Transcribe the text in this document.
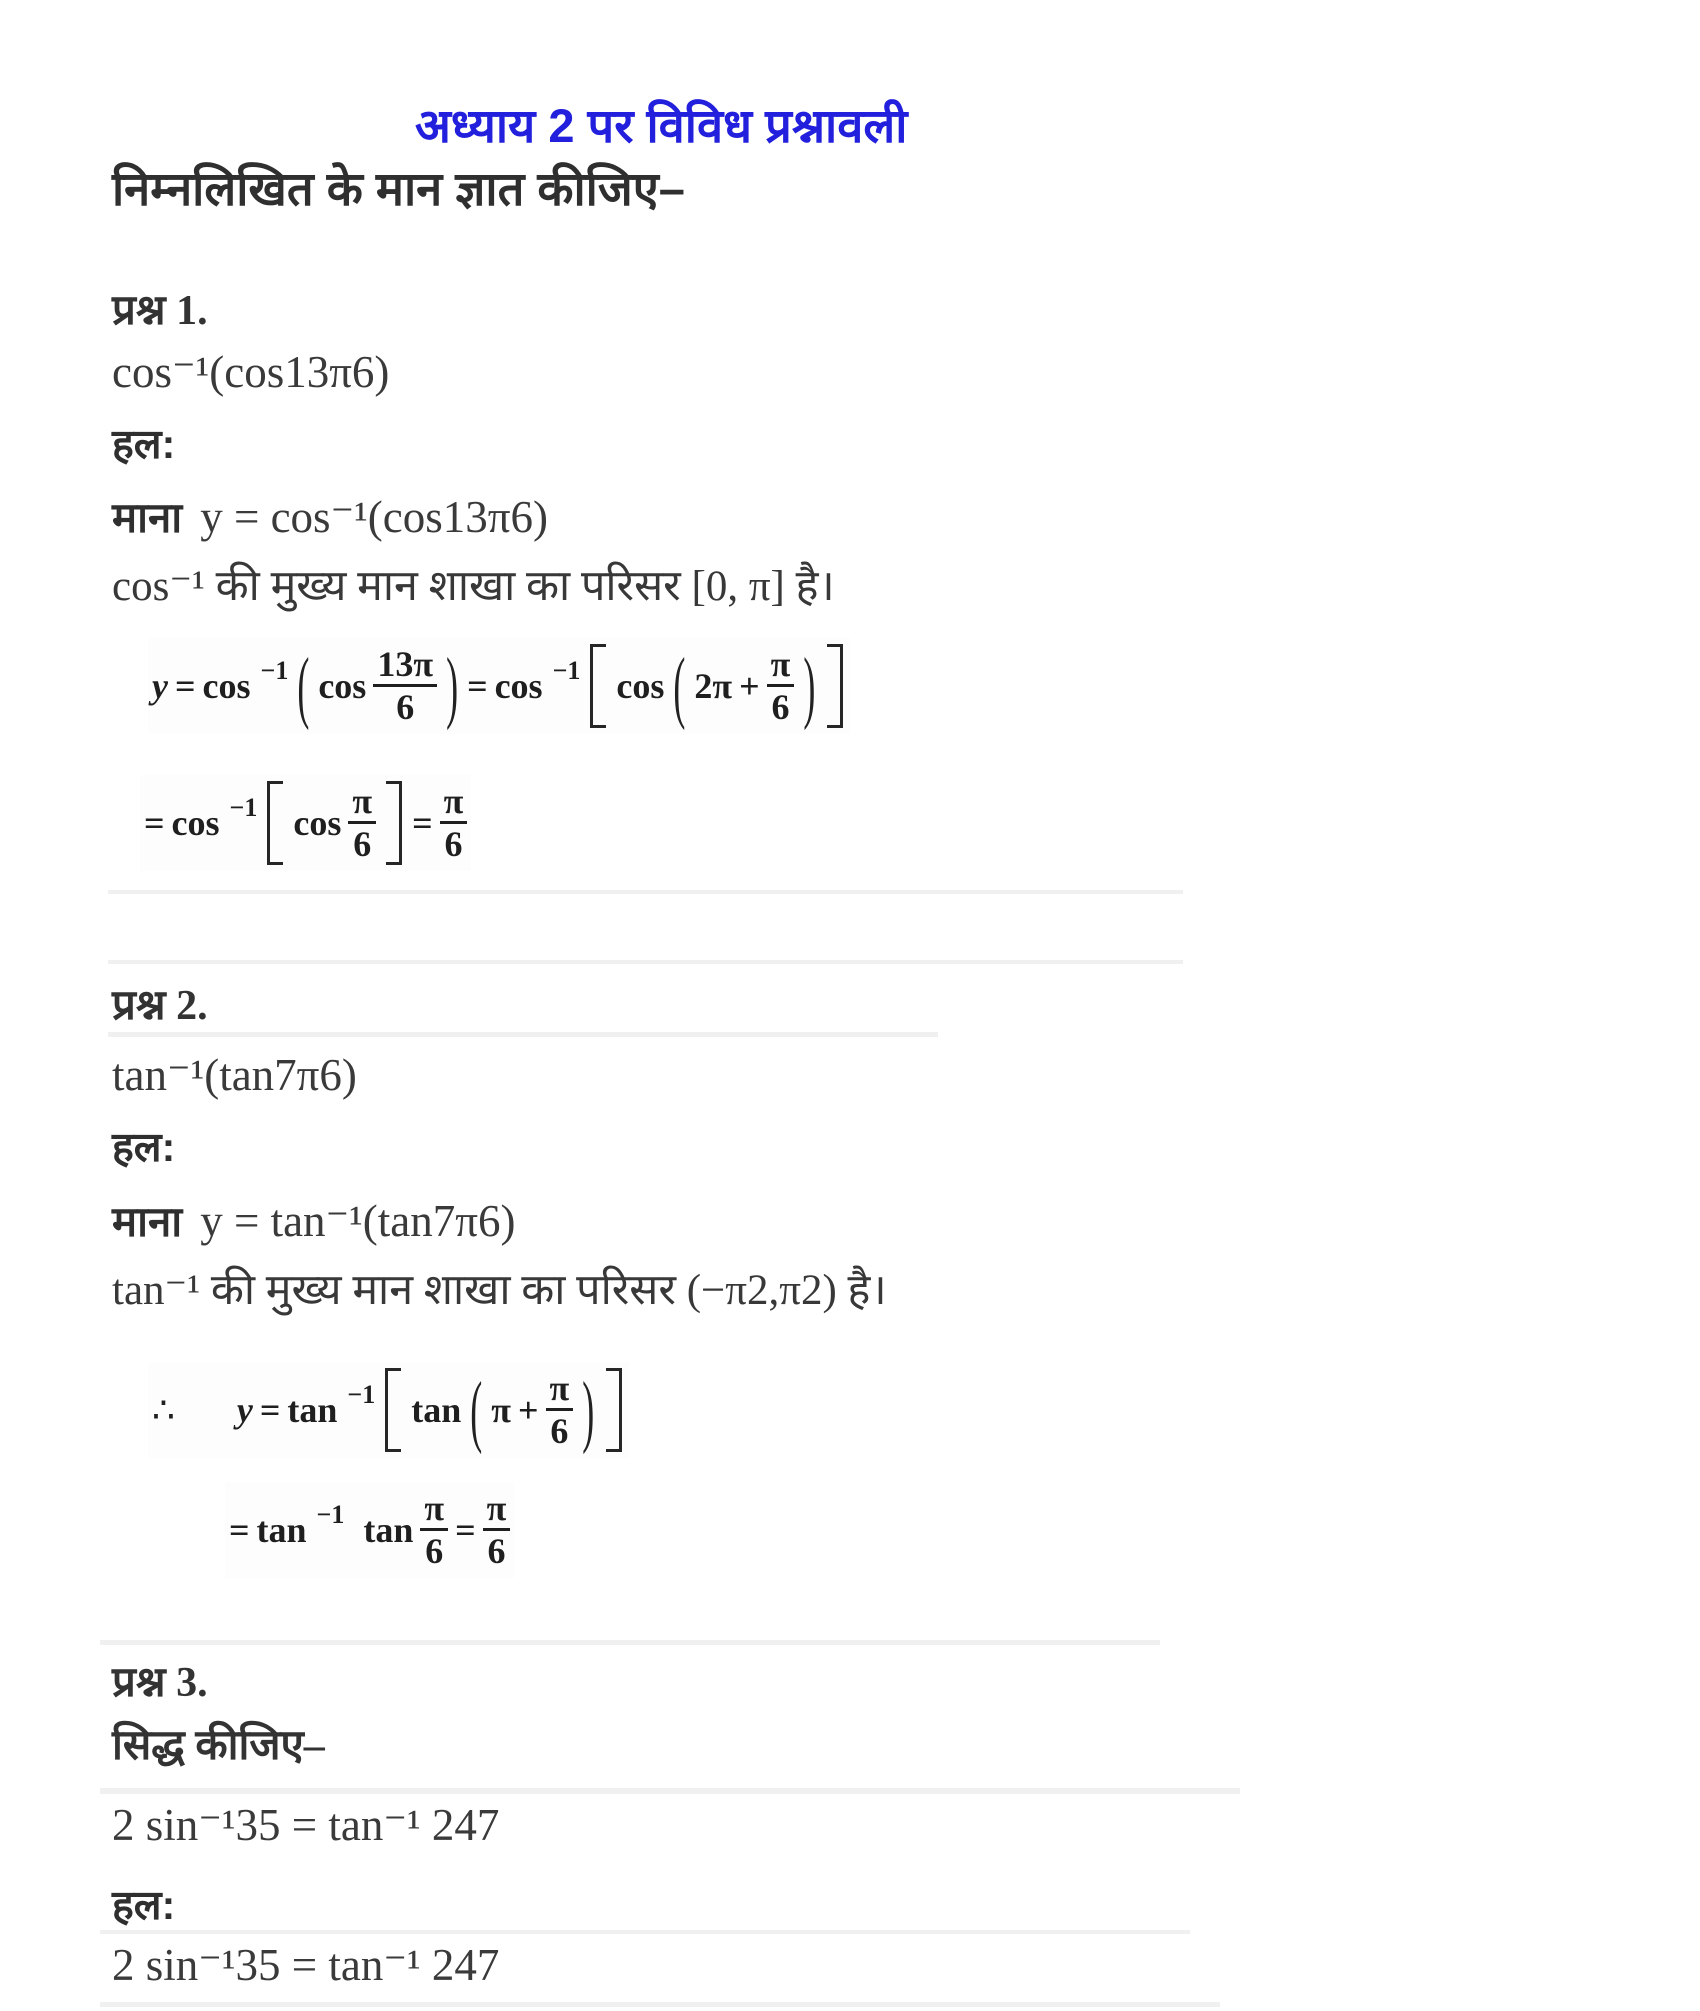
अध्याय 2 पर विविध प्रश्नावली
निम्नलिखित के मान ज्ञात कीजिए–
प्रश्न 1.
cos⁻¹(cos13π6)
हल:
माना y = cos⁻¹(cos13π6)
cos⁻¹ की मुख्य मान शाखा का परिसर [0, π] है।
y = cos −1 ( $\cos \frac{13\pi}{6}$ ) = cos −1 cos ( $2\pi + \frac{\pi}{6}$ )
= cos −1 $\cos \frac{\pi}{6} = \frac{\pi}{6}$
प्रश्न 2.
tan⁻¹(tan7π6)
हल:
माना y = tan⁻¹(tan7π6)
tan⁻¹ की मुख्य मान शाखा का परिसर (−π2,π2) है।
∴ y = tan −1 tan ( $\pi + \frac{\pi}{6}$ )
= tan −1 $\tan \frac{\pi}{6} = \frac{\pi}{6}$
प्रश्न 3.
सिद्ध कीजिए–
2 sin⁻¹35 = tan⁻¹ 247
हल:
2 sin⁻¹35 = tan⁻¹ 247
